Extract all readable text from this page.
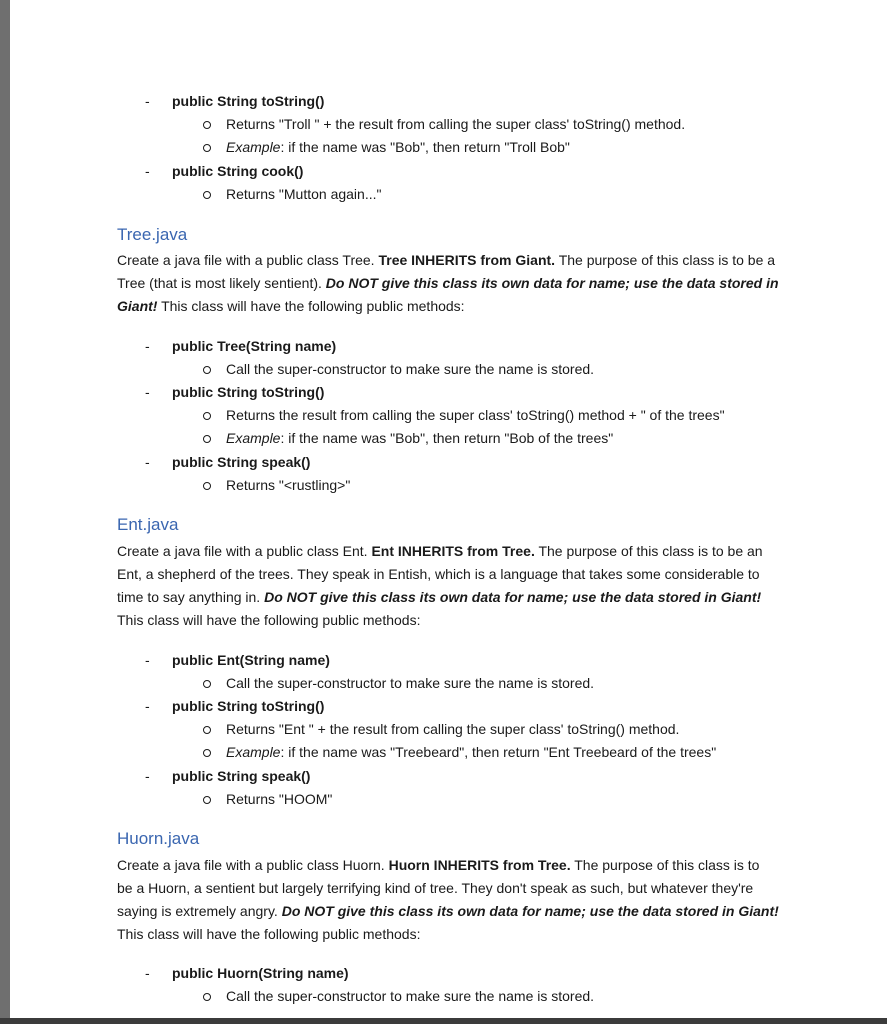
- public String toString()
Returns "Troll " + the result from calling the super class' toString() method.
Example: if the name was "Bob", then return "Troll Bob"
- public String cook()
Returns "Mutton again..."
Tree.java
Create a java file with a public class Tree. Tree INHERITS from Giant. The purpose of this class is to be a
Tree (that is most likely sentient). Do NOT give this class its own data for name; use the data stored in
Giant! This class will have the following public methods:
- public Tree(String name)
Call the super-constructor to make sure the name is stored.
- public String toString()
Returns the result from calling the super class' toString() method + " of the trees"
Example: if the name was "Bob", then return "Bob of the trees"
- public String speak()
Returns "<rustling>"
Ent.java
Create a java file with a public class Ent. Ent INHERITS from Tree. The purpose of this class is to be an
Ent, a shepherd of the trees. They speak in Entish, which is a language that takes some considerable to
time to say anything in. Do NOT give this class its own data for name; use the data stored in Giant!
This class will have the following public methods:
- public Ent(String name)
Call the super-constructor to make sure the name is stored.
- public String toString()
Returns "Ent " + the result from calling the super class' toString() method.
Example: if the name was "Treebeard", then return "Ent Treebeard of the trees"
- public String speak()
Returns "HOOM"
Huorn.java
Create a java file with a public class Huorn. Huorn INHERITS from Tree. The purpose of this class is to
be a Huorn, a sentient but largely terrifying kind of tree. They don't speak as such, but whatever they're
saying is extremely angry. Do NOT give this class its own data for name; use the data stored in Giant!
This class will have the following public methods:
- public Huorn(String name)
Call the super-constructor to make sure the name is stored.
